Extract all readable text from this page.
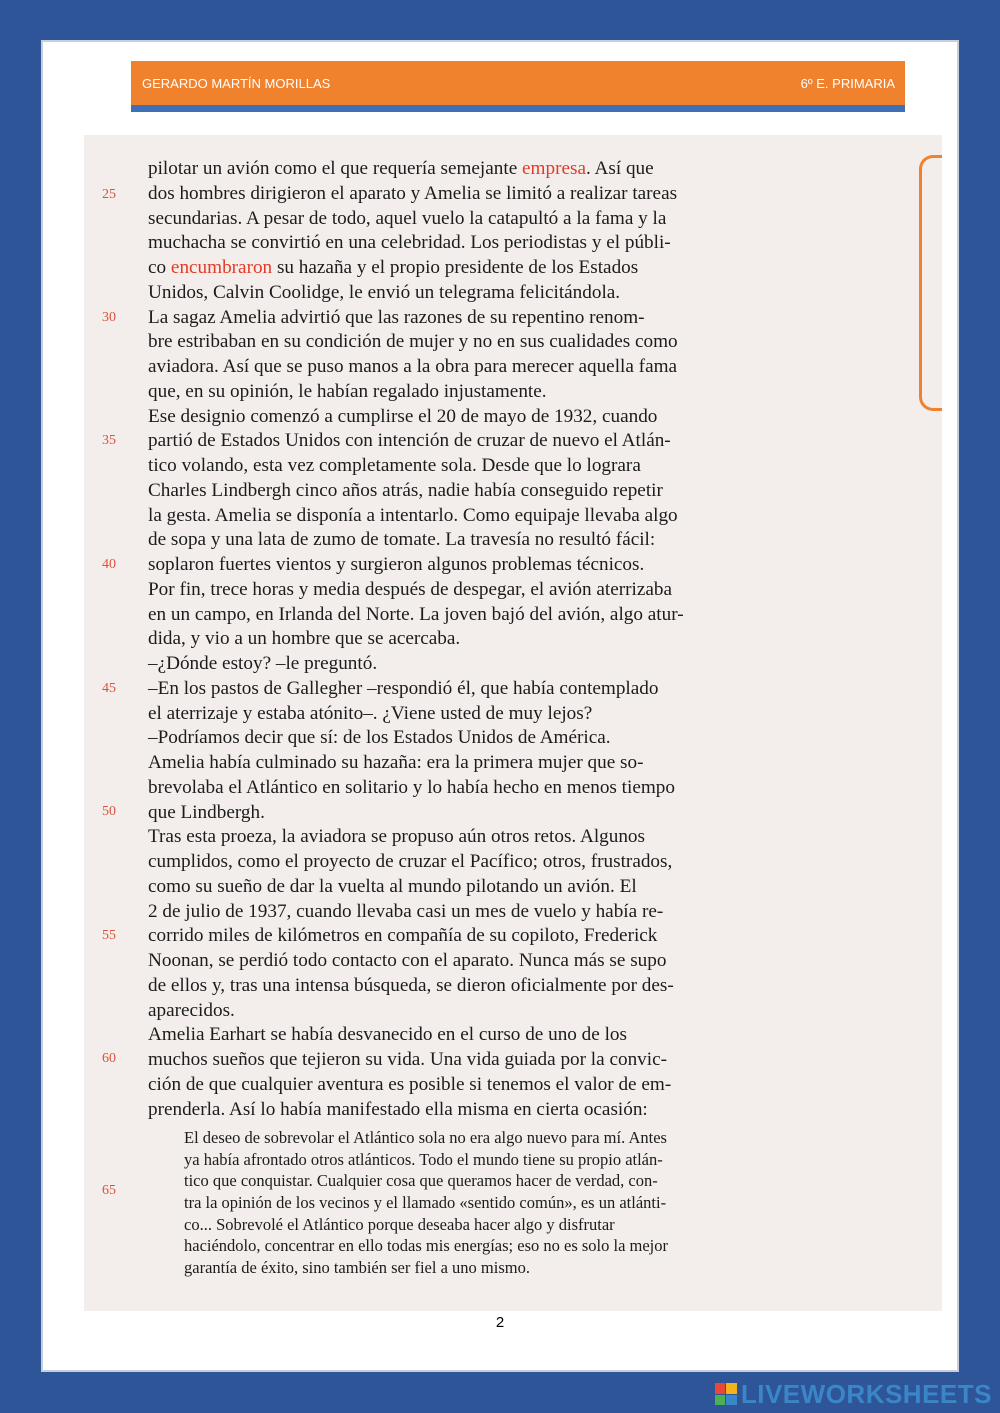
GERARDO MARTÍN MORILLAS	6º E. PRIMARIA
pilotar un avión como el que requería semejante empresa. Así que
dos hombres dirigieron el aparato y Amelia se limitó a realizar tareas
secundarias. A pesar de todo, aquel vuelo la catapultó a la fama y la
muchacha se convirtió en una celebridad. Los periodistas y el públi-
co encumbraron su hazaña y el propio presidente de los Estados
Unidos, Calvin Coolidge, le envió un telegrama felicitándola.
La sagaz Amelia advirtió que las razones de su repentino renom-
bre estribaban en su condición de mujer y no en sus cualidades como
aviadora. Así que se puso manos a la obra para merecer aquella fama
que, en su opinión, le habían regalado injustamente.
Ese designio comenzó a cumplirse el 20 de mayo de 1932, cuando
partió de Estados Unidos con intención de cruzar de nuevo el Atlán-
tico volando, esta vez completamente sola. Desde que lo lograra
Charles Lindbergh cinco años atrás, nadie había conseguido repetir
la gesta. Amelia se disponía a intentarlo. Como equipaje llevaba algo
de sopa y una lata de zumo de tomate. La travesía no resultó fácil:
soplaron fuertes vientos y surgieron algunos problemas técnicos.
Por fin, trece horas y media después de despegar, el avión aterrizaba
en un campo, en Irlanda del Norte. La joven bajó del avión, algo atur-
dida, y vio a un hombre que se acercaba.
–¿Dónde estoy? –le preguntó.
–En los pastos de Gallegher –respondió él, que había contemplado
el aterrizaje y estaba atónito–. ¿Viene usted de muy lejos?
–Podríamos decir que sí: de los Estados Unidos de América.
Amelia había culminado su hazaña: era la primera mujer que so-
brevolaba el Atlántico en solitario y lo había hecho en menos tiempo
que Lindbergh.
Tras esta proeza, la aviadora se propuso aún otros retos. Algunos
cumplidos, como el proyecto de cruzar el Pacífico; otros, frustrados,
como su sueño de dar la vuelta al mundo pilotando un avión. El
2 de julio de 1937, cuando llevaba casi un mes de vuelo y había re-
corrido miles de kilómetros en compañía de su copiloto, Frederick
Noonan, se perdió todo contacto con el aparato. Nunca más se supo
de ellos y, tras una intensa búsqueda, se dieron oficialmente por des-
aparecidos.
Amelia Earhart se había desvanecido en el curso de uno de los
muchos sueños que tejieron su vida. Una vida guiada por la convic-
ción de que cualquier aventura es posible si tenemos el valor de em-
prenderla. Así lo había manifestado ella misma en cierta ocasión:
El deseo de sobrevolar el Atlántico sola no era algo nuevo para mí. Antes
ya había afrontado otros atlánticos. Todo el mundo tiene su propio atlán-
tico que conquistar. Cualquier cosa que queramos hacer de verdad, con-
tra la opinión de los vecinos y el llamado «sentido común», es un atlánti-
co... Sobrevolé el Atlántico porque deseaba hacer algo y disfrutar
haciéndolo, concentrar en ello todas mis energías; eso no es solo la mejor
garantía de éxito, sino también ser fiel a uno mismo.
25
30
35
40
45
50
55
60
65
2
LIVEWORKSHEETS
